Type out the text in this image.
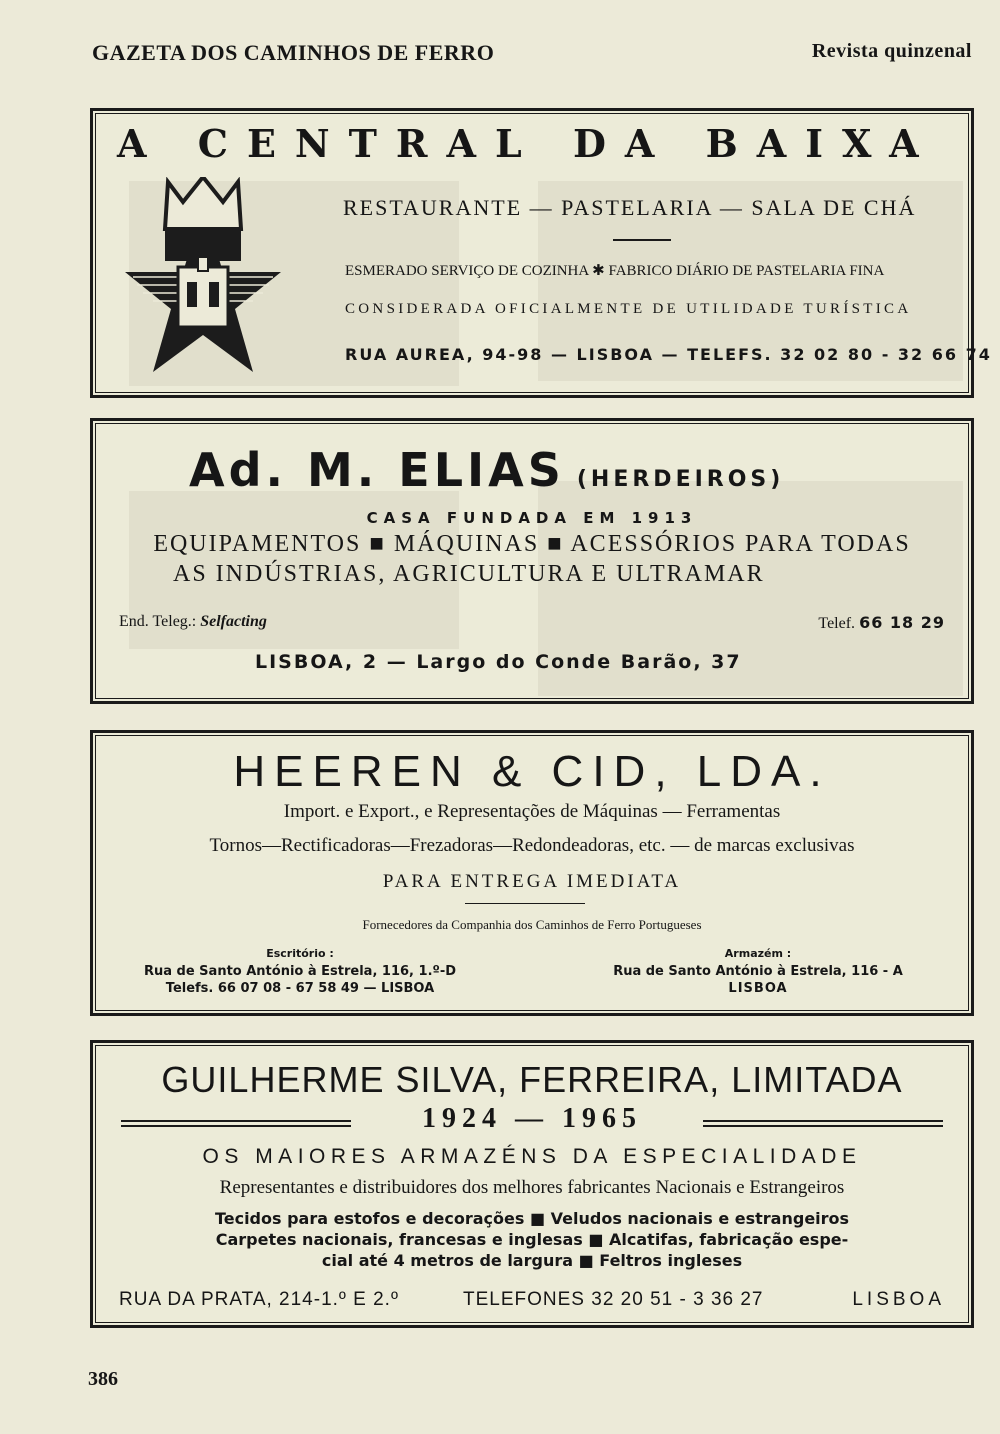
GAZETA DOS CAMINHOS DE FERRO	Revista quinzenal
A CENTRAL DA BAIXA
RESTAURANTE — PASTELARIA — SALA DE CHÁ
ESMERADO SERVIÇO DE COZINHA ✱ FABRICO DIÁRIO DE PASTELARIA FINA
CONSIDERADA OFICIALMENTE DE UTILIDADE TURÍSTICA
RUA AUREA, 94-98 — LISBOA — TELEFS. 32 02 80 - 32 66 74
Ad. M. ELIAS (HERDEIROS)
CASA FUNDADA EM 1913
EQUIPAMENTOS ■ MÁQUINAS ■ ACESSÓRIOS PARA TODAS
AS INDÚSTRIAS, AGRICULTURA E ULTRAMAR
End. Teleg.: Selfacting	Telef. 66 18 29
LISBOA, 2 — Largo do Conde Barão, 37
HEEREN & CID, LDA.
Import. e Export., e Representações de Máquinas — Ferramentas
Tornos—Rectificadoras—Frezadoras—Redondeadoras, etc. — de marcas exclusivas
PARA ENTREGA IMEDIATA
Fornecedores da Companhia dos Caminhos de Ferro Portugueses
Escritório :
Rua de Santo António à Estrela, 116, 1.º-D
Telefs. 66 07 08 - 67 58 49 — LISBOA
Armazém :
Rua de Santo António à Estrela, 116 - A
LISBOA
GUILHERME SILVA, FERREIRA, LIMITADA
1924 — 1965
OS MAIORES ARMAZÉNS DA ESPECIALIDADE
Representantes e distribuidores dos melhores fabricantes Nacionais e Estrangeiros
Tecidos para estofos e decorações ■ Veludos nacionais e estrangeiros
Carpetes nacionais, francesas e inglesas ■ Alcatifas, fabricação espe-
cial até 4 metros de largura ■ Feltros ingleses
RUA DA PRATA, 214-1.º E 2.º	TELEFONES 32 20 51 - 3 36 27	LISBOA
386
